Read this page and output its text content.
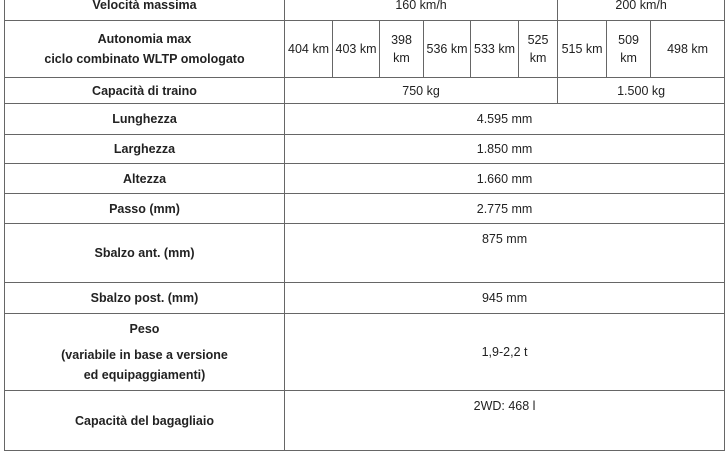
Velocità massima	160 km/h						200 km/h		

Autonomia max
ciclo combinato WLTP omologato	404 km	403 km	398 km	536 km	533 km	525 km	515 km	509 km	498 km
Capacità di traino	750 kg						1.500 kg		
Lunghezza	4.595 mm								
Larghezza	1.850 mm								
Altezza	1.660 mm								
Passo (mm)	2.775 mm								
Sbalzo ant. (mm)	875 mm								
Sbalzo post. (mm)	945 mm								

Peso
(variabile in base a versione ed equipaggiamenti)	1,9-2,2 t								
Capacità del bagagliaio	2WD: 468 l								
